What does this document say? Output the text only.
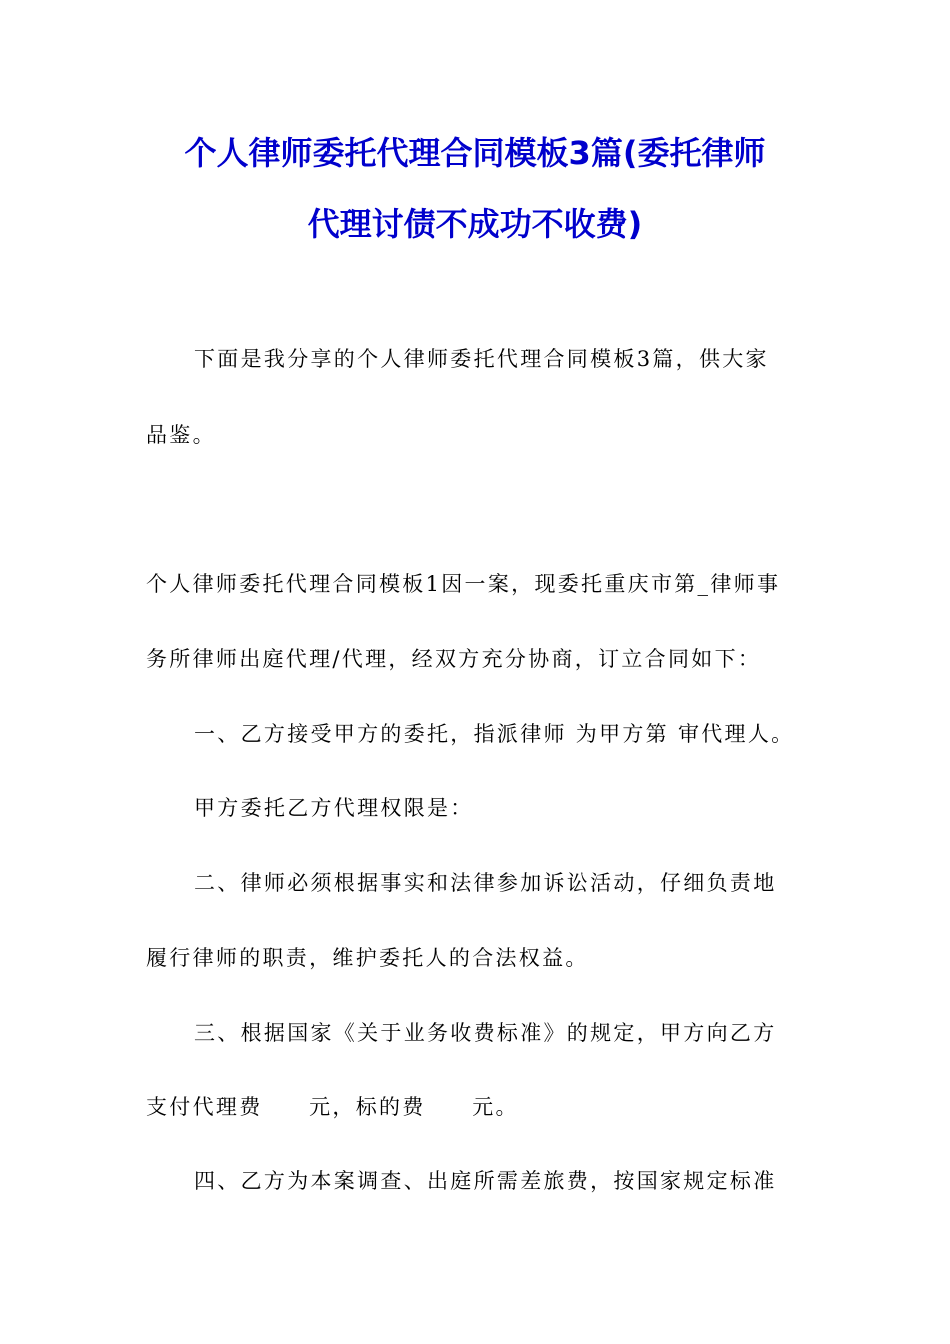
个人律师委托代理合同模板3篇(委托律师
代理讨债不成功不收费)
下面是我分享的个人律师委托代理合同模板3篇，供大家
品鉴。
个人律师委托代理合同模板1因一案，现委托重庆市第_律师事
务所律师出庭代理/代理，经双方充分协商，订立合同如下：
一、乙方接受甲方的委托，指派律师 为甲方第 审代理人。
甲方委托乙方代理权限是：
二、律师必须根据事实和法律参加诉讼活动，仔细负责地
履行律师的职责，维护委托人的合法权益。
三、根据国家《关于业务收费标准》的规定，甲方向乙方
支付代理费　　元，标的费　　元。
四、乙方为本案调查、出庭所需差旅费，按国家规定标准
